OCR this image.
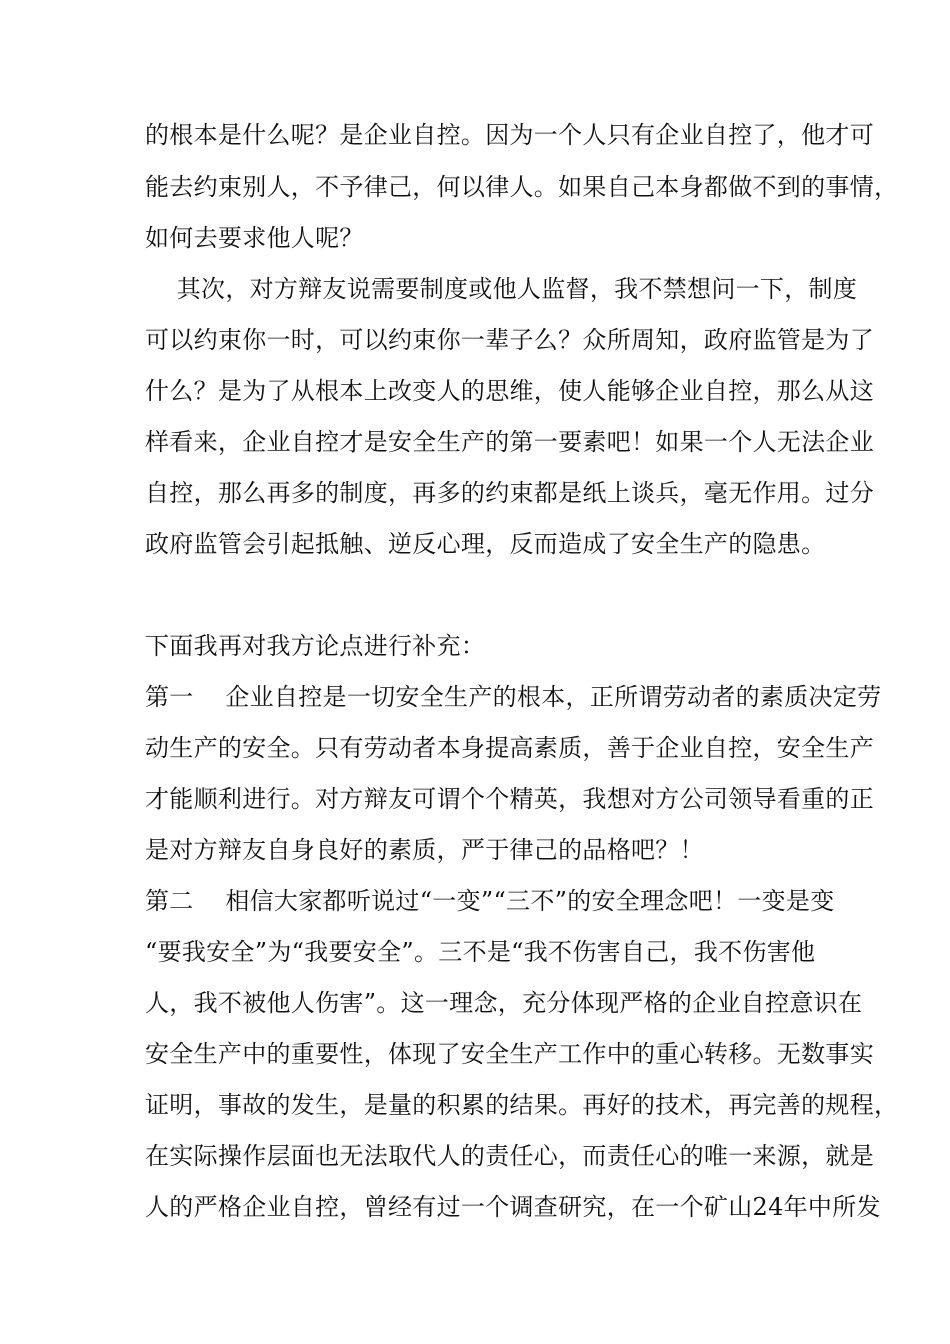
的根本是什么呢？是企业自控。因为一个人只有企业自控了，他才可
能去约束别人，不予律己，何以律人。如果自己本身都做不到的事情，
如何去要求他人呢？
其次，对方辩友说需要制度或他人监督，我不禁想问一下，制度
可以约束你一时，可以约束你一辈子么？众所周知，政府监管是为了
什么？是为了从根本上改变人的思维，使人能够企业自控，那么从这
样看来，企业自控才是安全生产的第一要素吧！如果一个人无法企业
自控，那么再多的制度，再多的约束都是纸上谈兵，毫无作用。过分
政府监管会引起抵触、逆反心理，反而造成了安全生产的隐患。
下面我再对我方论点进行补充：
第一    企业自控是一切安全生产的根本，正所谓劳动者的素质决定劳
动生产的安全。只有劳动者本身提高素质，善于企业自控，安全生产
才能顺利进行。对方辩友可谓个个精英，我想对方公司领导看重的正
是对方辩友自身良好的素质，严于律己的品格吧？！
第二    相信大家都听说过“一变”“三不”的安全理念吧！一变是变
“要我安全”为“我要安全”。三不是“我不伤害自己，我不伤害他
人，我不被他人伤害”。这一理念，充分体现严格的企业自控意识在
安全生产中的重要性，体现了安全生产工作中的重心转移。无数事实
证明，事故的发生，是量的积累的结果。再好的技术，再完善的规程，
在实际操作层面也无法取代人的责任心，而责任心的唯一来源，就是
人的严格企业自控，曾经有过一个调查研究，在一个矿山24年中所发
